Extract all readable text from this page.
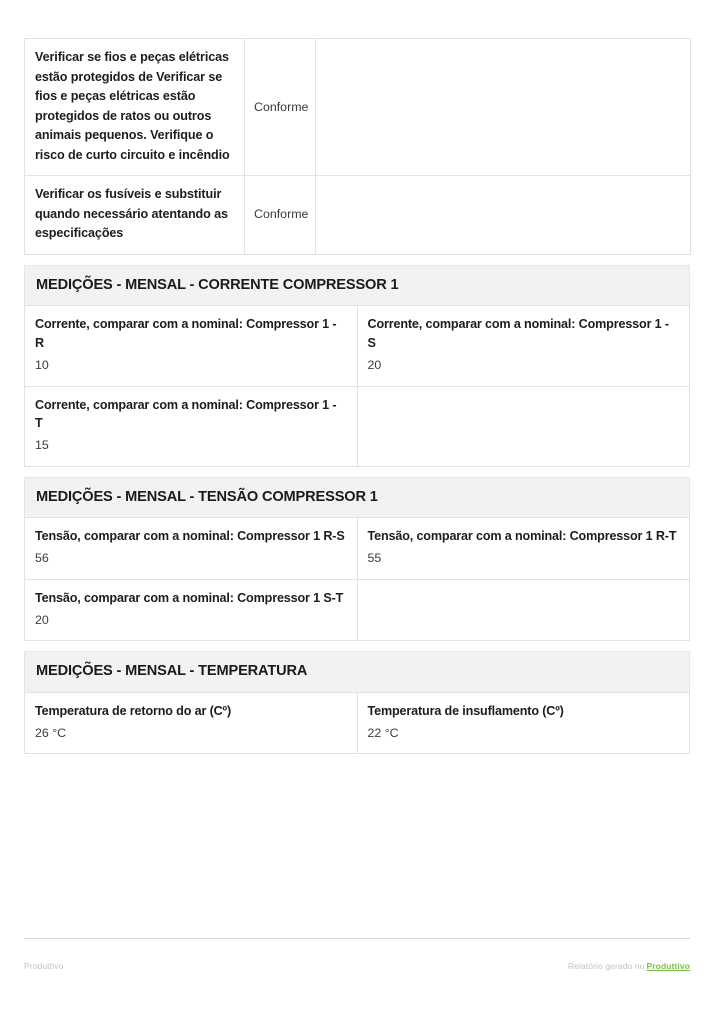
Verificar se fios e peças elétricas estão protegidos de Verificar se fios e peças elétricas estão protegidos de ratos ou outros animais pequenos. Verifique o risco de curto circuito e incêndio	Conforme	
Verificar os fusíveis e substituir quando necessário atentando as especificações	Conforme	
MEDIÇÕES - MENSAL - CORRENTE COMPRESSOR 1
Corrente, comparar com a nominal: Compressor 1 - R
10

Corrente, comparar com a nominal: Compressor 1 - S
20

Corrente, comparar com a nominal: Compressor 1 - T
15	

MEDIÇÕES - MENSAL - TENSÃO COMPRESSOR 1
Tensão, comparar com a nominal: Compressor 1 R-S
56

Tensão, comparar com a nominal: Compressor 1 R-T
55

Tensão, comparar com a nominal: Compressor 1 S-T
20	

MEDIÇÕES - MENSAL - TEMPERATURA
Temperatura de retorno do ar (Cº)
26 °C

Temperatura de insuflamento (Cº)
22 °C
Produttivo	Relatório gerado no Produttivo
